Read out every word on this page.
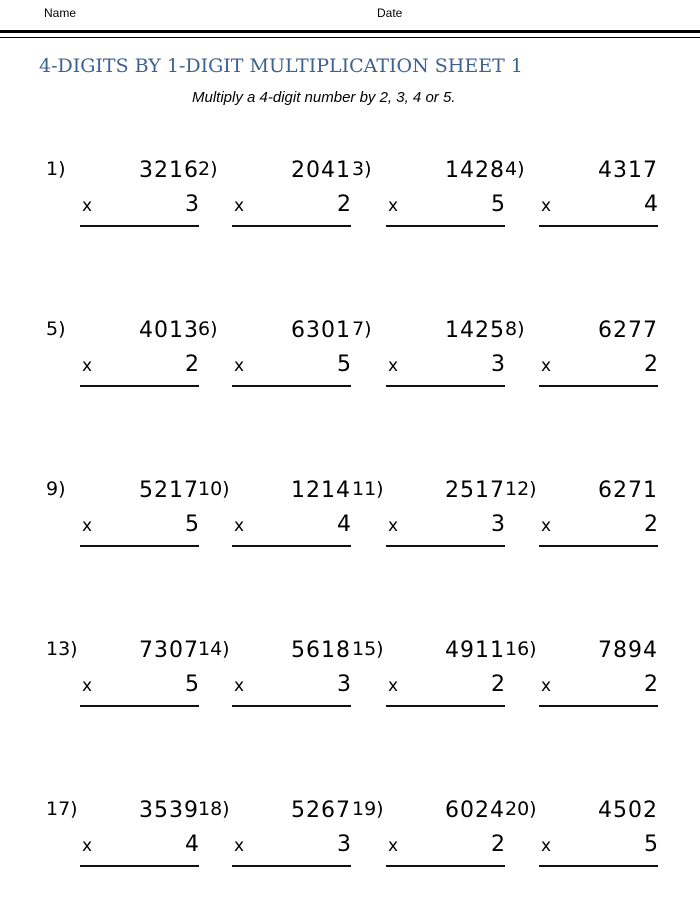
Name	Date
4-DIGITS BY 1-DIGIT MULTIPLICATION SHEET 1
Multiply a 4-digit number by 2, 3, 4 or 5.
1)	3216
x	3
2)	2041
x	2
3)	1428
x	5
4)	4317
x	4
5)	4013
x	2
6)	6301
x	5
7)	1425
x	3
8)	6277
x	2
9)	5217
x	5
10)	1214
x	4
11)	2517
x	3
12)	6271
x	2
13)	7307
x	5
14)	5618
x	3
15)	4911
x	2
16)	7894
x	2
17)	3539
x	4
18)	5267
x	3
19)	6024
x	2
20)	4502
x	5
